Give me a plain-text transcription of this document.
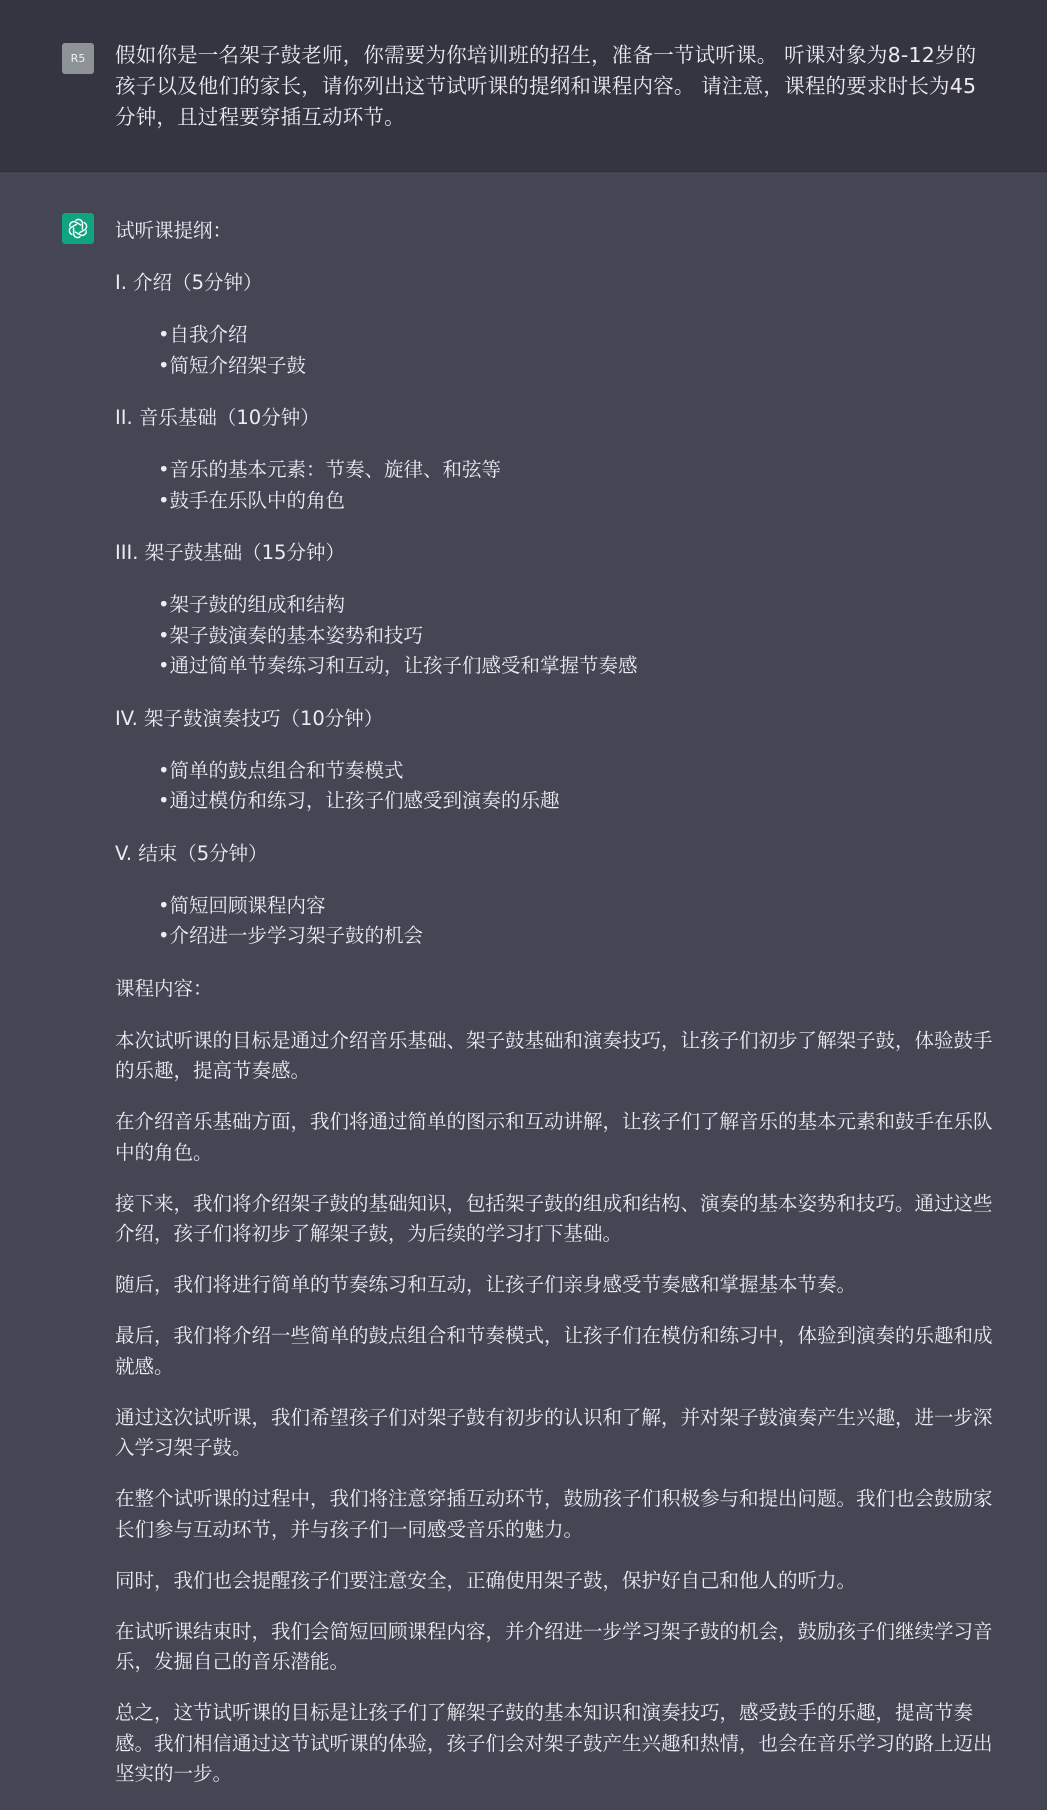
R5	假如你是一名架子鼓老师，你需要为你培训班的招生，准备一节试听课。 听课对象为8-12岁的孩子以及他们的家长，请你列出这节试听课的提纲和课程内容。 请注意，课程的要求时长为45分钟，且过程要穿插互动环节。

试听课提纲：

I. 介绍（5分钟）

•自我介绍
•简短介绍架子鼓

II. 音乐基础（10分钟）

•音乐的基本元素：节奏、旋律、和弦等
•鼓手在乐队中的角色

III. 架子鼓基础（15分钟）

•架子鼓的组成和结构
•架子鼓演奏的基本姿势和技巧
•通过简单节奏练习和互动，让孩子们感受和掌握节奏感

IV. 架子鼓演奏技巧（10分钟）

•简单的鼓点组合和节奏模式
•通过模仿和练习，让孩子们感受到演奏的乐趣

V. 结束（5分钟）

•简短回顾课程内容
•介绍进一步学习架子鼓的机会

课程内容：

本次试听课的目标是通过介绍音乐基础、架子鼓基础和演奏技巧，让孩子们初步了解架子鼓，体验鼓手的乐趣，提高节奏感。

在介绍音乐基础方面，我们将通过简单的图示和互动讲解，让孩子们了解音乐的基本元素和鼓手在乐队中的角色。

接下来，我们将介绍架子鼓的基础知识，包括架子鼓的组成和结构、演奏的基本姿势和技巧。通过这些介绍，孩子们将初步了解架子鼓，为后续的学习打下基础。

随后，我们将进行简单的节奏练习和互动，让孩子们亲身感受节奏感和掌握基本节奏。

最后，我们将介绍一些简单的鼓点组合和节奏模式，让孩子们在模仿和练习中，体验到演奏的乐趣和成就感。

通过这次试听课，我们希望孩子们对架子鼓有初步的认识和了解，并对架子鼓演奏产生兴趣，进一步深入学习架子鼓。

在整个试听课的过程中，我们将注意穿插互动环节，鼓励孩子们积极参与和提出问题。我们也会鼓励家长们参与互动环节，并与孩子们一同感受音乐的魅力。

同时，我们也会提醒孩子们要注意安全，正确使用架子鼓，保护好自己和他人的听力。

在试听课结束时，我们会简短回顾课程内容，并介绍进一步学习架子鼓的机会，鼓励孩子们继续学习音乐，发掘自己的音乐潜能。

总之，这节试听课的目标是让孩子们了解架子鼓的基本知识和演奏技巧，感受鼓手的乐趣，提高节奏感。我们相信通过这节试听课的体验，孩子们会对架子鼓产生兴趣和热情，也会在音乐学习的路上迈出坚实的一步。
